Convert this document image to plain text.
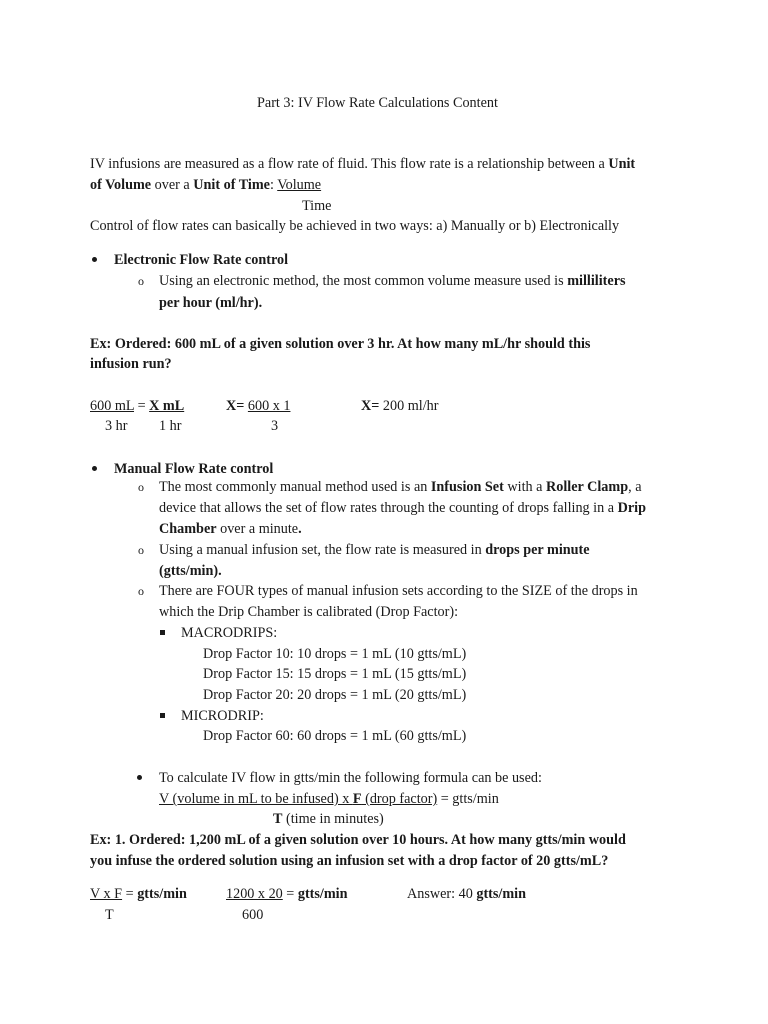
Part 3: IV Flow Rate Calculations Content
IV infusions are measured as a flow rate of fluid. This flow rate is a relationship between a Unit
of Volume over a Unit of Time: Volume
Time
Control of flow rates can basically be achieved in two ways: a) Manually or b) Electronically
Electronic Flow Rate control
o Using an electronic method, the most common volume measure used is milliliters
per hour (ml/hr).
Ex: Ordered: 600 mL of a given solution over 3 hr. At how many mL/hr should this
infusion run?
600 mL = X mL	X= 600 x 1	X= 200 ml/hr
3 hr 1 hr	3
Manual Flow Rate control
o The most commonly manual method used is an Infusion Set with a Roller Clamp, a
device that allows the set of flow rates through the counting of drops falling in a Drip
Chamber over a minute.
o Using a manual infusion set, the flow rate is measured in drops per minute
(gtts/min).
o There are FOUR types of manual infusion sets according to the SIZE of the drops in
which the Drip Chamber is calibrated (Drop Factor):
MACRODRIPS:
Drop Factor 10: 10 drops = 1 mL (10 gtts/mL)
Drop Factor 15: 15 drops = 1 mL (15 gtts/mL)
Drop Factor 20: 20 drops = 1 mL (20 gtts/mL)
MICRODRIP:
Drop Factor 60: 60 drops = 1 mL (60 gtts/mL)
To calculate IV flow in gtts/min the following formula can be used:
V (volume in mL to be infused) x F (drop factor) = gtts/min
T (time in minutes)
Ex: 1. Ordered: 1,200 mL of a given solution over 10 hours. At how many gtts/min would
you infuse the ordered solution using an infusion set with a drop factor of 20 gtts/mL?
V x F = gtts/min	1200 x 20 = gtts/min	Answer: 40 gtts/min
T	600
